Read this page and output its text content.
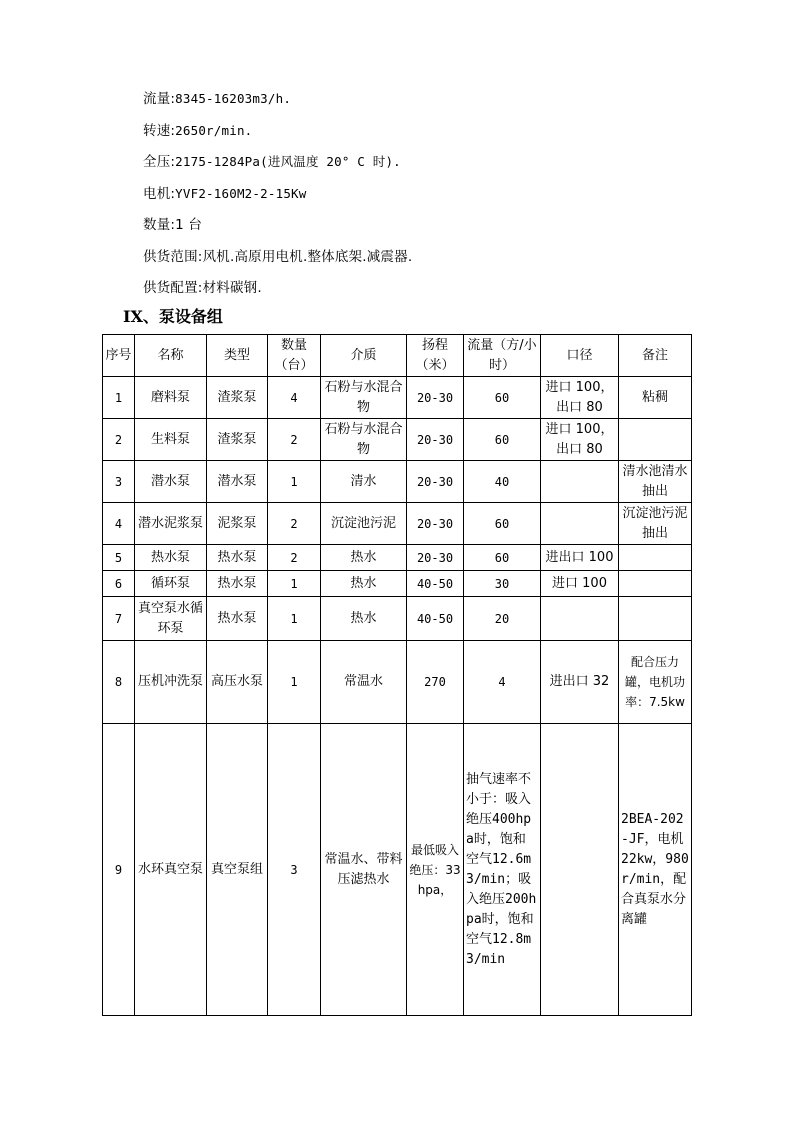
流量:8345-16203m3/h.
转速:2650r/min.
全压:2175-1284Pa(进风温度 20° C 时).
电机:YVF2-160M2-2-15Kw
数量:1 台
供货范围:风机.高原用电机.整体底架.减震器.
供货配置:材料碳钢.
IX、泵设备组
序号	名称	类型	数量（台）	介质	扬程（米）	流量（方/小时）	口径	备注
1	磨料泵	渣浆泵	4	石粉与水混合物	20-30	60	进口 100，出口 80	粘稠
2	生料泵	渣浆泵	2	石粉与水混合物	20-30	60	进口 100，出口 80	
3	潜水泵	潜水泵	1	清水	20-30	40		清水池清水抽出
4	潜水泥浆泵	泥浆泵	2	沉淀池污泥	20-30	60		沉淀池污泥抽出
5	热水泵	热水泵	2	热水	20-30	60	进出口 100	
6	循环泵	热水泵	1	热水	40-50	30	进口 100	
7	真空泵水循环泵	热水泵	1	热水	40-50	20		
8	压机冲洗泵	高压水泵	1	常温水	270	4	进出口 32	配合压力罐，电机功率：7.5kw
9	水环真空泵	真空泵组	3	常温水、带料压滤热水	最低吸入绝压：33hpa，	抽气速率不小于：吸入绝压400hpa时，饱和空气12.6m3/min；吸入绝压200hpa时，饱和空气12.8m3/min		2BEA-202-JF，电机22kw，980r/min，配合真泵水分离罐
